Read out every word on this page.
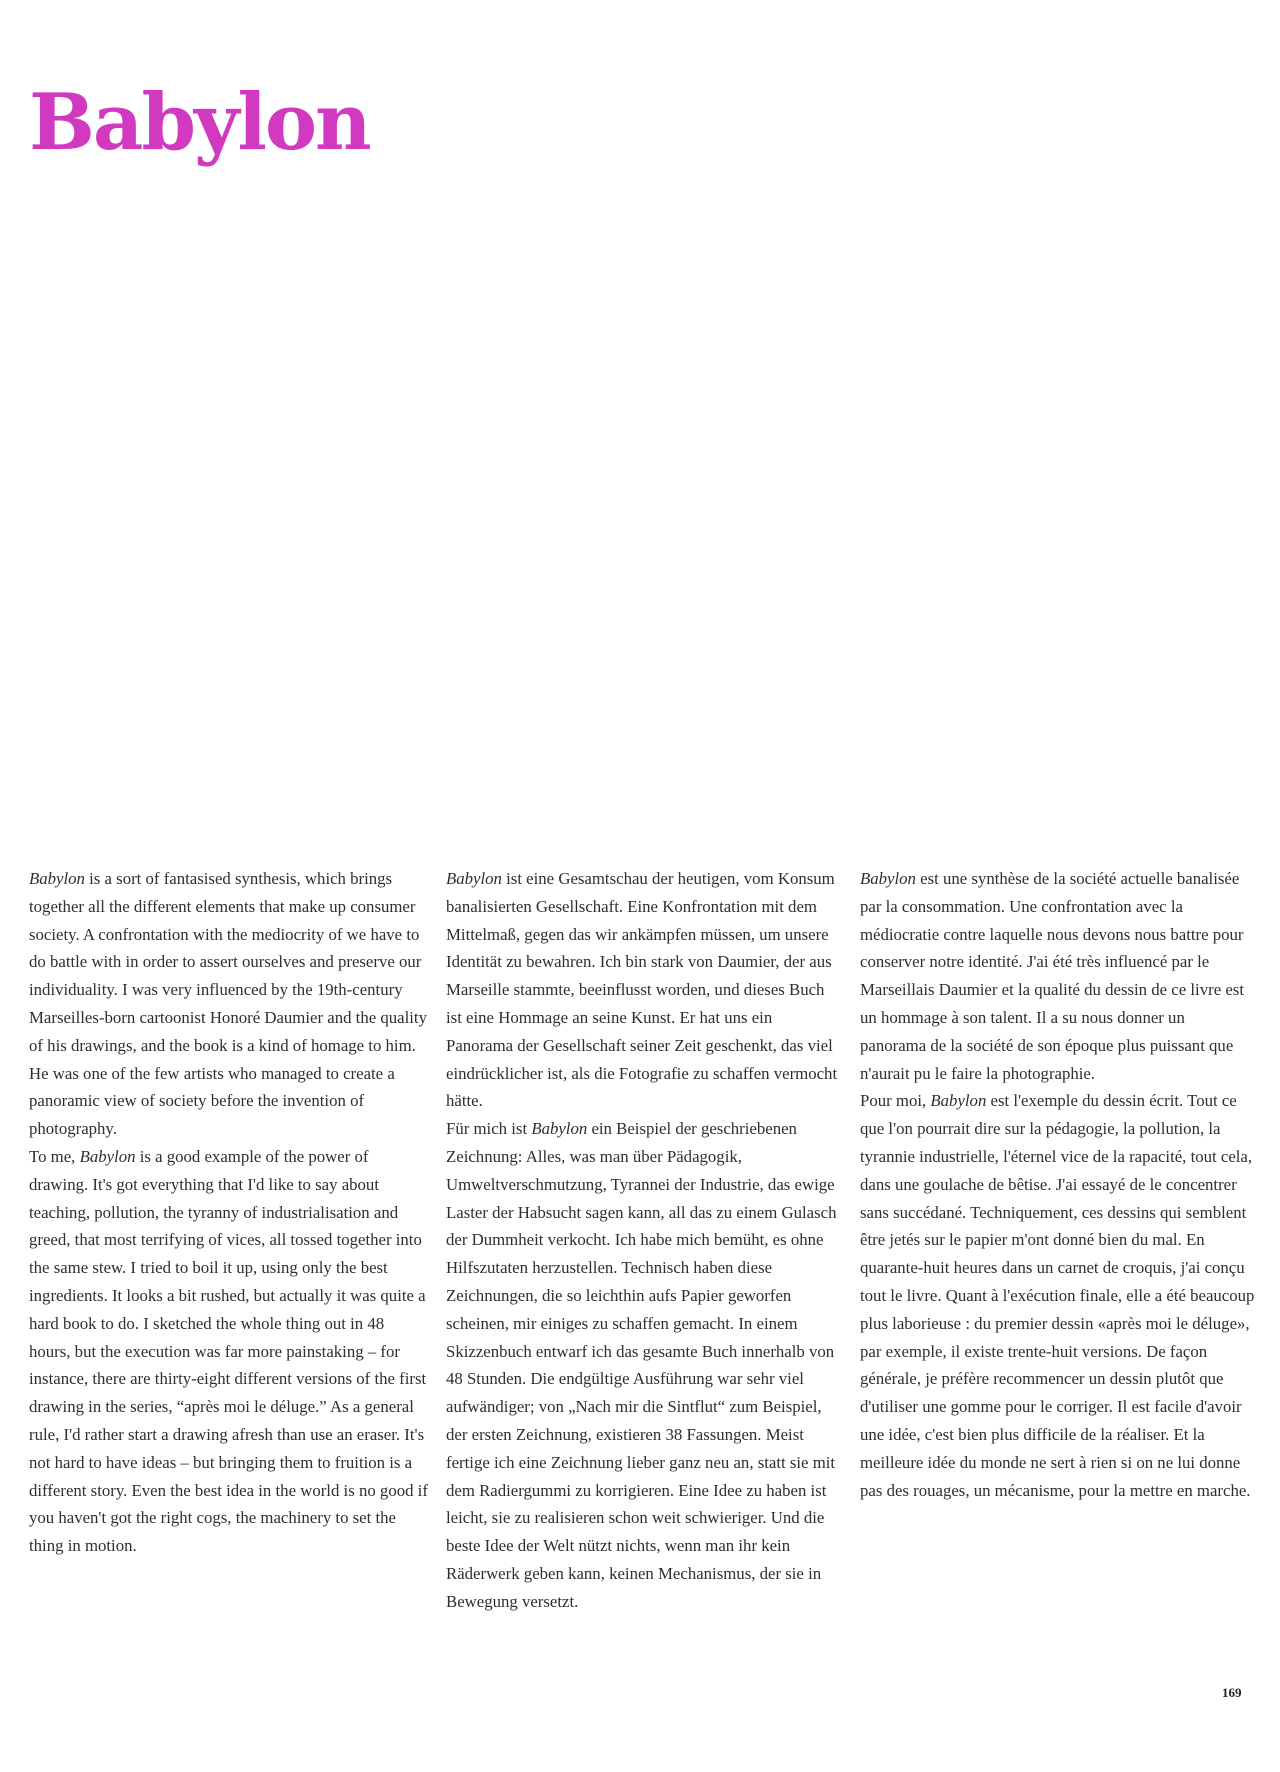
Babylon

Babylon is a sort of fantasised synthesis, which brings together all the different elements that make up consumer society. A confrontation with the mediocrity of we have to do battle with in order to assert ourselves and preserve our individuality. I was very influenced by the 19th-century Marseilles-born cartoonist Honoré Daumier and the quality of his drawings, and the book is a kind of homage to him. He was one of the few artists who managed to create a panoramic view of society before the invention of photography.

To me, Babylon is a good example of the power of drawing. It's got everything that I'd like to say about teaching, pollution, the tyranny of industrialisation and greed, that most terrifying of vices, all tossed together into the same stew. I tried to boil it up, using only the best ingredients. It looks a bit rushed, but actually it was quite a hard book to do. I sketched the whole thing out in 48 hours, but the execution was far more painstaking – for instance, there are thirty-eight different versions of the first drawing in the series, “après moi le déluge.” As a general rule, I'd rather start a drawing afresh than use an eraser. It's not hard to have ideas – but bringing them to fruition is a different story. Even the best idea in the world is no good if you haven't got the right cogs, the machinery to set the thing in motion.

Babylon ist eine Gesamtschau der heutigen, vom Konsum banalisierten Gesellschaft. Eine Konfrontation mit dem Mittelmaß, gegen das wir ankämpfen müssen, um unsere Identität zu bewahren. Ich bin stark von Daumier, der aus Marseille stammte, beeinflusst worden, und dieses Buch ist eine Hommage an seine Kunst. Er hat uns ein Panorama der Gesellschaft seiner Zeit geschenkt, das viel eindrücklicher ist, als die Fotografie zu schaffen vermocht hätte.

Für mich ist Babylon ein Beispiel der geschriebenen Zeichnung: Alles, was man über Pädagogik, Umweltverschmutzung, Tyrannei der Industrie, das ewige Laster der Habsucht sagen kann, all das zu einem Gulasch der Dummheit verkocht. Ich habe mich bemüht, es ohne Hilfszutaten herzustellen. Technisch haben diese Zeichnungen, die so leichthin aufs Papier geworfen scheinen, mir einiges zu schaffen gemacht. In einem Skizzenbuch entwarf ich das gesamte Buch innerhalb von 48 Stunden. Die endgültige Ausführung war sehr viel aufwändiger; von „Nach mir die Sintflut“ zum Beispiel, der ersten Zeichnung, existieren 38 Fassungen. Meist fertige ich eine Zeichnung lieber ganz neu an, statt sie mit dem Radiergummi zu korrigieren. Eine Idee zu haben ist leicht, sie zu realisieren schon weit schwieriger. Und die beste Idee der Welt nützt nichts, wenn man ihr kein Räderwerk geben kann, keinen Mechanismus, der sie in Bewegung versetzt.

Babylon est une synthèse de la société actuelle banalisée par la consommation. Une confrontation avec la médiocratie contre laquelle nous devons nous battre pour conserver notre identité. J'ai été très influencé par le Marseillais Daumier et la qualité du dessin de ce livre est un hommage à son talent. Il a su nous donner un panorama de la société de son époque plus puissant que n'aurait pu le faire la photographie.

Pour moi, Babylon est l'exemple du dessin écrit. Tout ce que l'on pourrait dire sur la pédagogie, la pollution, la tyrannie industrielle, l'éternel vice de la rapacité, tout cela, dans une goulache de bêtise. J'ai essayé de le concentrer sans succédané. Techniquement, ces dessins qui semblent être jetés sur le papier m'ont donné bien du mal. En quarante-huit heures dans un carnet de croquis, j'ai conçu tout le livre. Quant à l'exécution finale, elle a été beaucoup plus laborieuse : du premier dessin «après moi le déluge», par exemple, il existe trente-huit versions. De façon générale, je préfère recommencer un dessin plutôt que d'utiliser une gomme pour le corriger. Il est facile d'avoir une idée, c'est bien plus difficile de la réaliser. Et la meilleure idée du monde ne sert à rien si on ne lui donne pas des rouages, un mécanisme, pour la mettre en marche.

169
